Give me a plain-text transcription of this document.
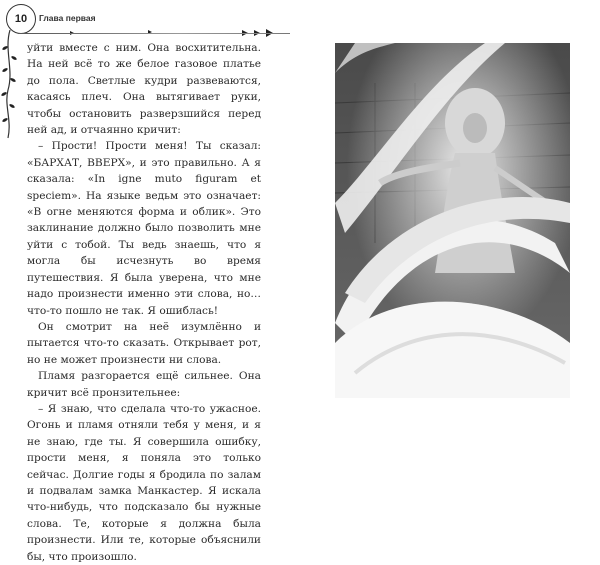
10	Глава первая

уйти вместе с ним. Она восхитительна. На ней всё то же белое газовое платье до пола. Светлые кудри развеваются, касаясь плеч. Она вытягивает руки, чтобы остановить разверзшийся перед ней ад, и отчаянно кричит:

– Прости! Прости меня! Ты сказал: «БАРХАТ, ВВЕРХ», и это правильно. А я сказала: «In igne muto figuram et speciem». На языке ведьм это означает: «В огне меняются форма и облик». Это заклинание должно было позволить мне уйти с тобой. Ты ведь знаешь, что я могла бы исчезнуть во время путешествия. Я была уверена, что мне надо произнести именно эти слова, но… что-то пошло не так. Я ошиблась!

Он смотрит на неё изумлённо и пытается что-то сказать. Открывает рот, но не может произнести ни слова.

Пламя разгорается ещё сильнее. Она кричит всё пронзительнее:

– Я знаю, что сделала что-то ужасное. Огонь и пламя отняли тебя у меня, и я не знаю, где ты. Я совершила ошибку, прости меня, я поняла это только сейчас. Долгие годы я бродила по залам и подвалам замка Манкастер. Я искала что-нибудь, что подсказало бы нужные слова. Те, которые я должна была произнести. Или те, которые объяснили бы, что произошло.
